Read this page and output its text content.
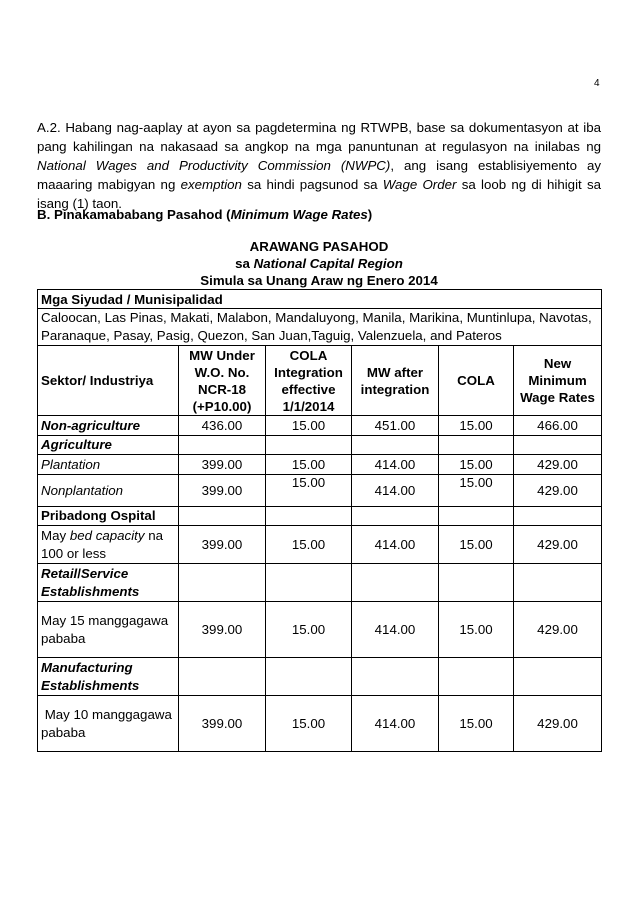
4

A.2. Habang nag-aaplay at ayon sa pagdetermina ng RTWPB, base sa dokumentasyon at iba pang kahilingan na nakasaad sa angkop na mga panuntunan at regulasyon na inilabas ng National Wages and Productivity Commission (NWPC), ang isang establisiyemento ay maaaring mabigyan ng exemption sa hindi pagsunod sa Wage Order sa loob ng di hihigit sa isang (1) taon.

B. Pinakamababang Pasahod (Minimum Wage Rates)

ARAWANG PASAHOD
sa National Capital Region
Simula sa Unang Araw ng Enero 2014
Mga Siyudad / Munisipalidad					
Caloocan, Las Pinas, Makati, Malabon, Mandaluyong, Manila, Marikina, Muntinlupa, Navotas, Paranaque, Pasay, Pasig, Quezon, San Juan,Taguig, Valenzuela, and Pateros					
Sektor/ Industriya	MW Under W.O. No. NCR-18 (+P10.00)	COLA Integration effective 1/1/2014	MW after integration	COLA	New Minimum Wage Rates
Non-agriculture	436.00	15.00	451.00	15.00	466.00
Agriculture					
Plantation	399.00	15.00	414.00	15.00	429.00
Nonplantation	399.00	15.00	414.00	15.00	429.00
Pribadong Ospital					
May bed capacity na 100 or less	399.00	15.00	414.00	15.00	429.00
Retail/Service Establishments					
May 15 manggagawa pababa	399.00	15.00	414.00	15.00	429.00
Manufacturing Establishments					
May 10 manggagawa pababa	399.00	15.00	414.00	15.00	429.00
